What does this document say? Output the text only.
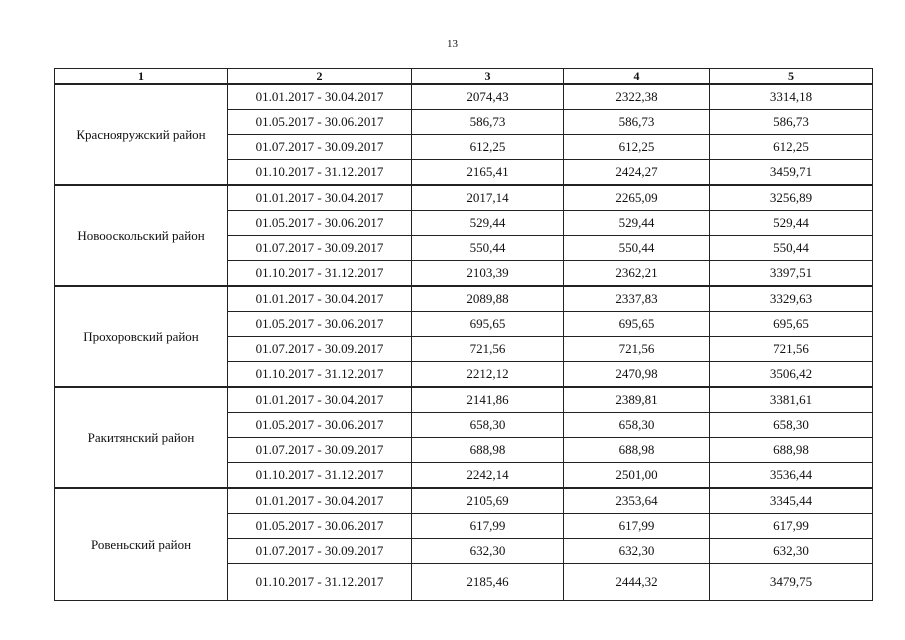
13
1	2	3	4	5
Краснояружский район	01.01.2017 - 30.04.2017	2074,43	2322,38	3314,18
	01.05.2017 - 30.06.2017	586,73	586,73	586,73
	01.07.2017 - 30.09.2017	612,25	612,25	612,25
	01.10.2017 - 31.12.2017	2165,41	2424,27	3459,71
Новооскольский район	01.01.2017 - 30.04.2017	2017,14	2265,09	3256,89
	01.05.2017 - 30.06.2017	529,44	529,44	529,44
	01.07.2017 - 30.09.2017	550,44	550,44	550,44
	01.10.2017 - 31.12.2017	2103,39	2362,21	3397,51
Прохоровский район	01.01.2017 - 30.04.2017	2089,88	2337,83	3329,63
	01.05.2017 - 30.06.2017	695,65	695,65	695,65
	01.07.2017 - 30.09.2017	721,56	721,56	721,56
	01.10.2017 - 31.12.2017	2212,12	2470,98	3506,42
Ракитянский район	01.01.2017 - 30.04.2017	2141,86	2389,81	3381,61
	01.05.2017 - 30.06.2017	658,30	658,30	658,30
	01.07.2017 - 30.09.2017	688,98	688,98	688,98
	01.10.2017 - 31.12.2017	2242,14	2501,00	3536,44
Ровеньский район	01.01.2017 - 30.04.2017	2105,69	2353,64	3345,44
	01.05.2017 - 30.06.2017	617,99	617,99	617,99
	01.07.2017 - 30.09.2017	632,30	632,30	632,30
	01.10.2017 - 31.12.2017	2185,46	2444,32	3479,75
